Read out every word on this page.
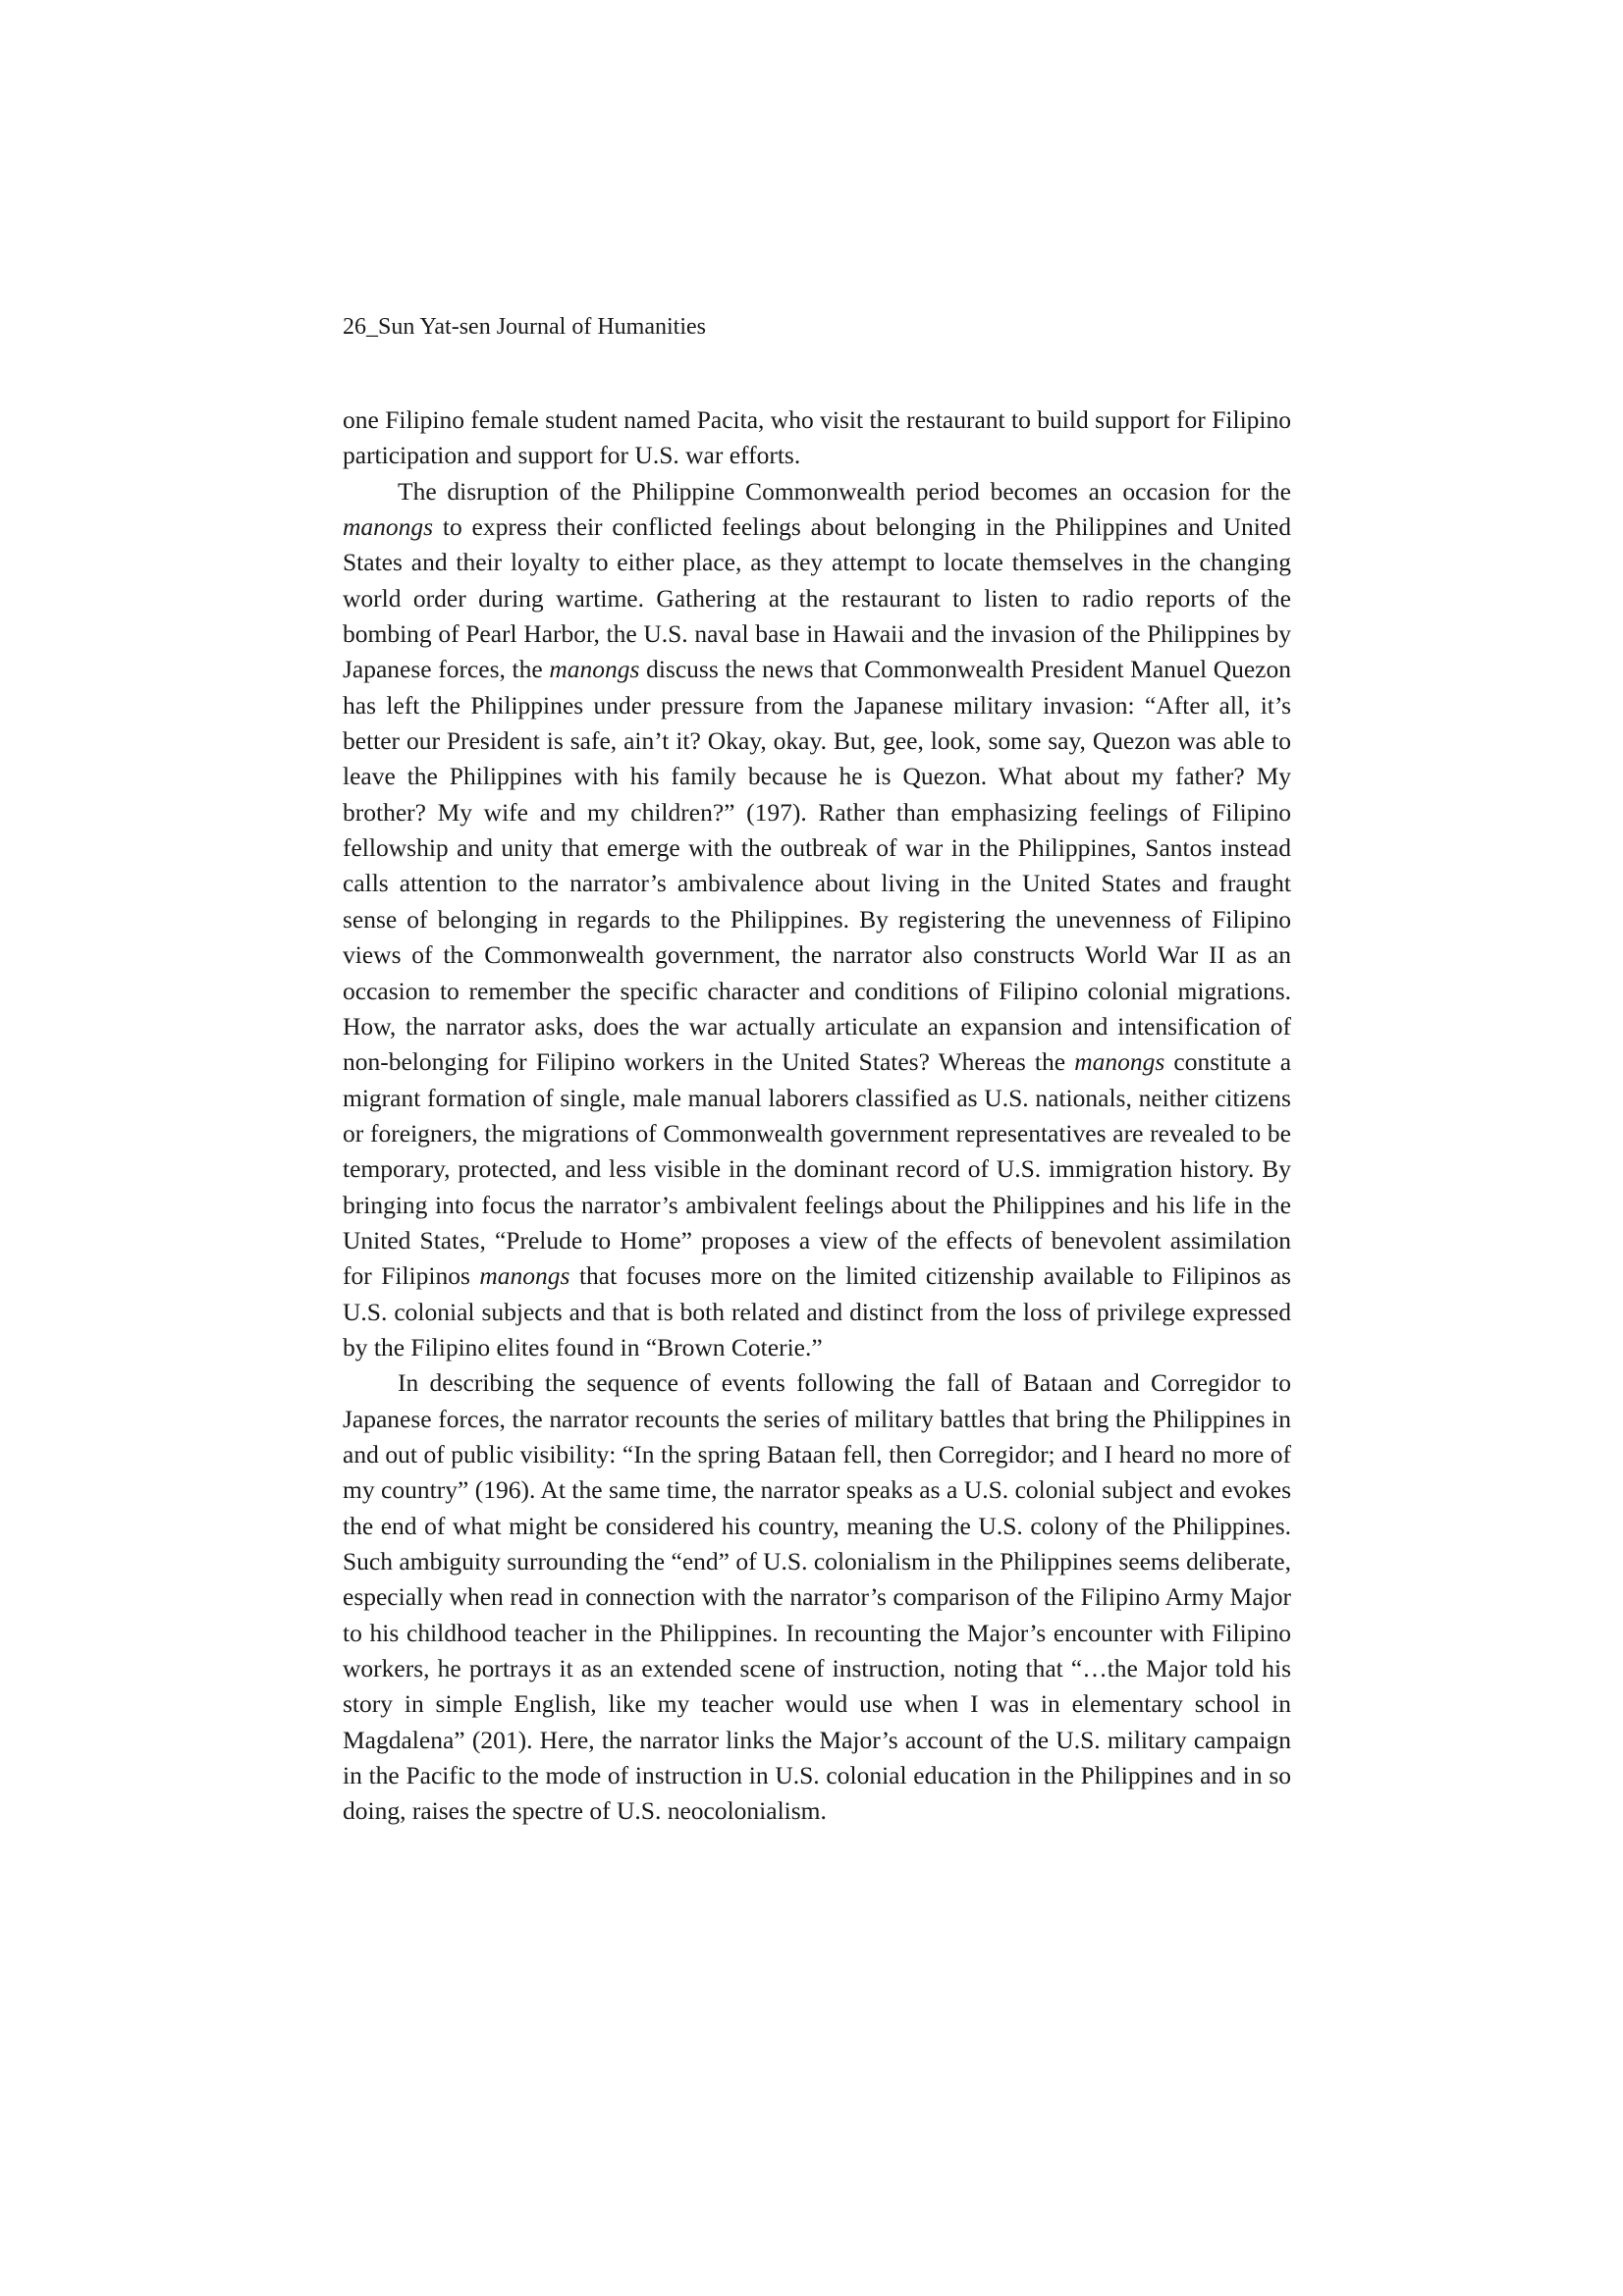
26_Sun Yat-sen Journal of Humanities

one Filipino female student named Pacita, who visit the restaurant to build support for Filipino participation and support for U.S. war efforts.

The disruption of the Philippine Commonwealth period becomes an occasion for the manongs to express their conflicted feelings about belonging in the Philippines and United States and their loyalty to either place, as they attempt to locate themselves in the changing world order during wartime. Gathering at the restaurant to listen to radio reports of the bombing of Pearl Harbor, the U.S. naval base in Hawaii and the invasion of the Philippines by Japanese forces, the manongs discuss the news that Commonwealth President Manuel Quezon has left the Philippines under pressure from the Japanese military invasion: “After all, it’s better our President is safe, ain’t it? Okay, okay. But, gee, look, some say, Quezon was able to leave the Philippines with his family because he is Quezon. What about my father? My brother? My wife and my children?” (197). Rather than emphasizing feelings of Filipino fellowship and unity that emerge with the outbreak of war in the Philippines, Santos instead calls attention to the narrator’s ambivalence about living in the United States and fraught sense of belonging in regards to the Philippines. By registering the unevenness of Filipino views of the Commonwealth government, the narrator also constructs World War II as an occasion to remember the specific character and conditions of Filipino colonial migrations. How, the narrator asks, does the war actually articulate an expansion and intensification of non-belonging for Filipino workers in the United States? Whereas the manongs constitute a migrant formation of single, male manual laborers classified as U.S. nationals, neither citizens or foreigners, the migrations of Commonwealth government representatives are revealed to be temporary, protected, and less visible in the dominant record of U.S. immigration history. By bringing into focus the narrator’s ambivalent feelings about the Philippines and his life in the United States, “Prelude to Home” proposes a view of the effects of benevolent assimilation for Filipinos manongs that focuses more on the limited citizenship available to Filipinos as U.S. colonial subjects and that is both related and distinct from the loss of privilege expressed by the Filipino elites found in “Brown Coterie.”

In describing the sequence of events following the fall of Bataan and Corregidor to Japanese forces, the narrator recounts the series of military battles that bring the Philippines in and out of public visibility: “In the spring Bataan fell, then Corregidor; and I heard no more of my country” (196). At the same time, the narrator speaks as a U.S. colonial subject and evokes the end of what might be considered his country, meaning the U.S. colony of the Philippines. Such ambiguity surrounding the “end” of U.S. colonialism in the Philippines seems deliberate, especially when read in connection with the narrator’s comparison of the Filipino Army Major to his childhood teacher in the Philippines. In recounting the Major’s encounter with Filipino workers, he portrays it as an extended scene of instruction, noting that “…the Major told his story in simple English, like my teacher would use when I was in elementary school in Magdalena” (201). Here, the narrator links the Major’s account of the U.S. military campaign in the Pacific to the mode of instruction in U.S. colonial education in the Philippines and in so doing, raises the spectre of U.S. neocolonialism.
